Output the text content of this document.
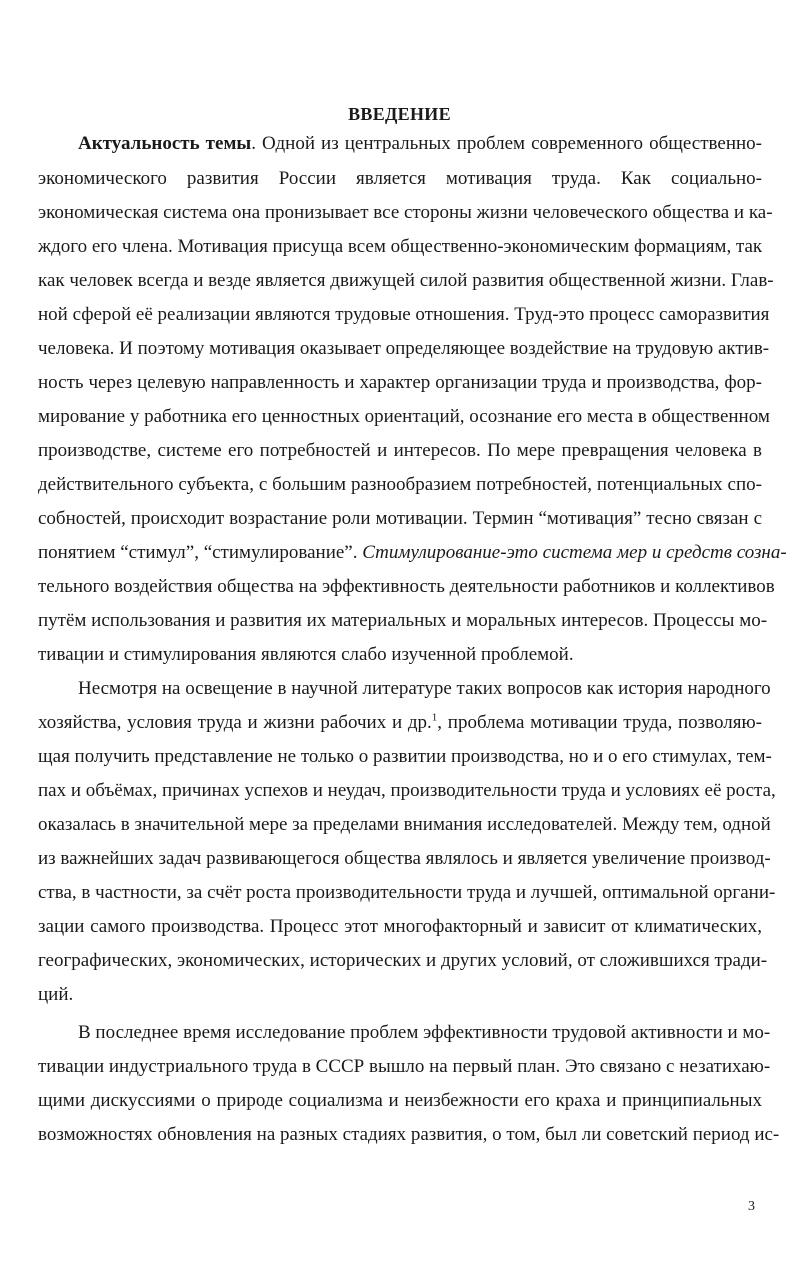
ВВЕДЕНИЕ
Актуальность темы. Одной из центральных проблем современного общественно-
экономического развития России является мотивация труда. Как социально-
экономическая система она пронизывает все стороны жизни человеческого общества и ка-
ждого его члена. Мотивация присуща всем общественно-экономическим формациям, так
как человек всегда и везде является движущей силой развития общественной жизни. Глав-
ной сферой её реализации являются трудовые отношения. Труд-это процесс саморазвития
человека. И поэтому мотивация оказывает определяющее воздействие на трудовую актив-
ность через целевую направленность и характер организации труда и производства, фор-
мирование у работника его ценностных ориентаций, осознание его места в общественном
производстве, системе его потребностей и интересов. По мере превращения человека в
действительного субъекта, с большим разнообразием потребностей, потенциальных спо-
собностей, происходит возрастание роли мотивации. Термин “мотивация” тесно связан с
понятием “стимул”, “стимулирование”. Стимулирование-это система мер и средств созна-
тельного воздействия общества на эффективность деятельности работников и коллективов
путём использования и развития их материальных и моральных интересов. Процессы мо-
тивации и стимулирования являются слабо изученной проблемой.
Несмотря на освещение в научной литературе таких вопросов как история народного
хозяйства, условия труда и жизни рабочих и др.$^1$, проблема мотивации труда, позволяю-
щая получить представление не только о развитии производства, но и о его стимулах, тем-
пах и объёмах, причинах успехов и неудач, производительности труда и условиях её роста,
оказалась в значительной мере за пределами внимания исследователей. Между тем, одной
из важнейших задач развивающегося общества являлось и является увеличение производ-
ства, в частности, за счёт роста производительности труда и лучшей, оптимальной органи-
зации самого производства. Процесс этот многофакторный и зависит от климатических,
географических, экономических, исторических и других условий, от сложившихся тради-
ций.
В последнее время исследование проблем эффективности трудовой активности и мо-
тивации индустриального труда в СССР вышло на первый план. Это связано с незатихаю-
щими дискуссиями о природе социализма и неизбежности его краха и принципиальных
возможностях обновления на разных стадиях развития, о том, был ли советский период ис-
3
